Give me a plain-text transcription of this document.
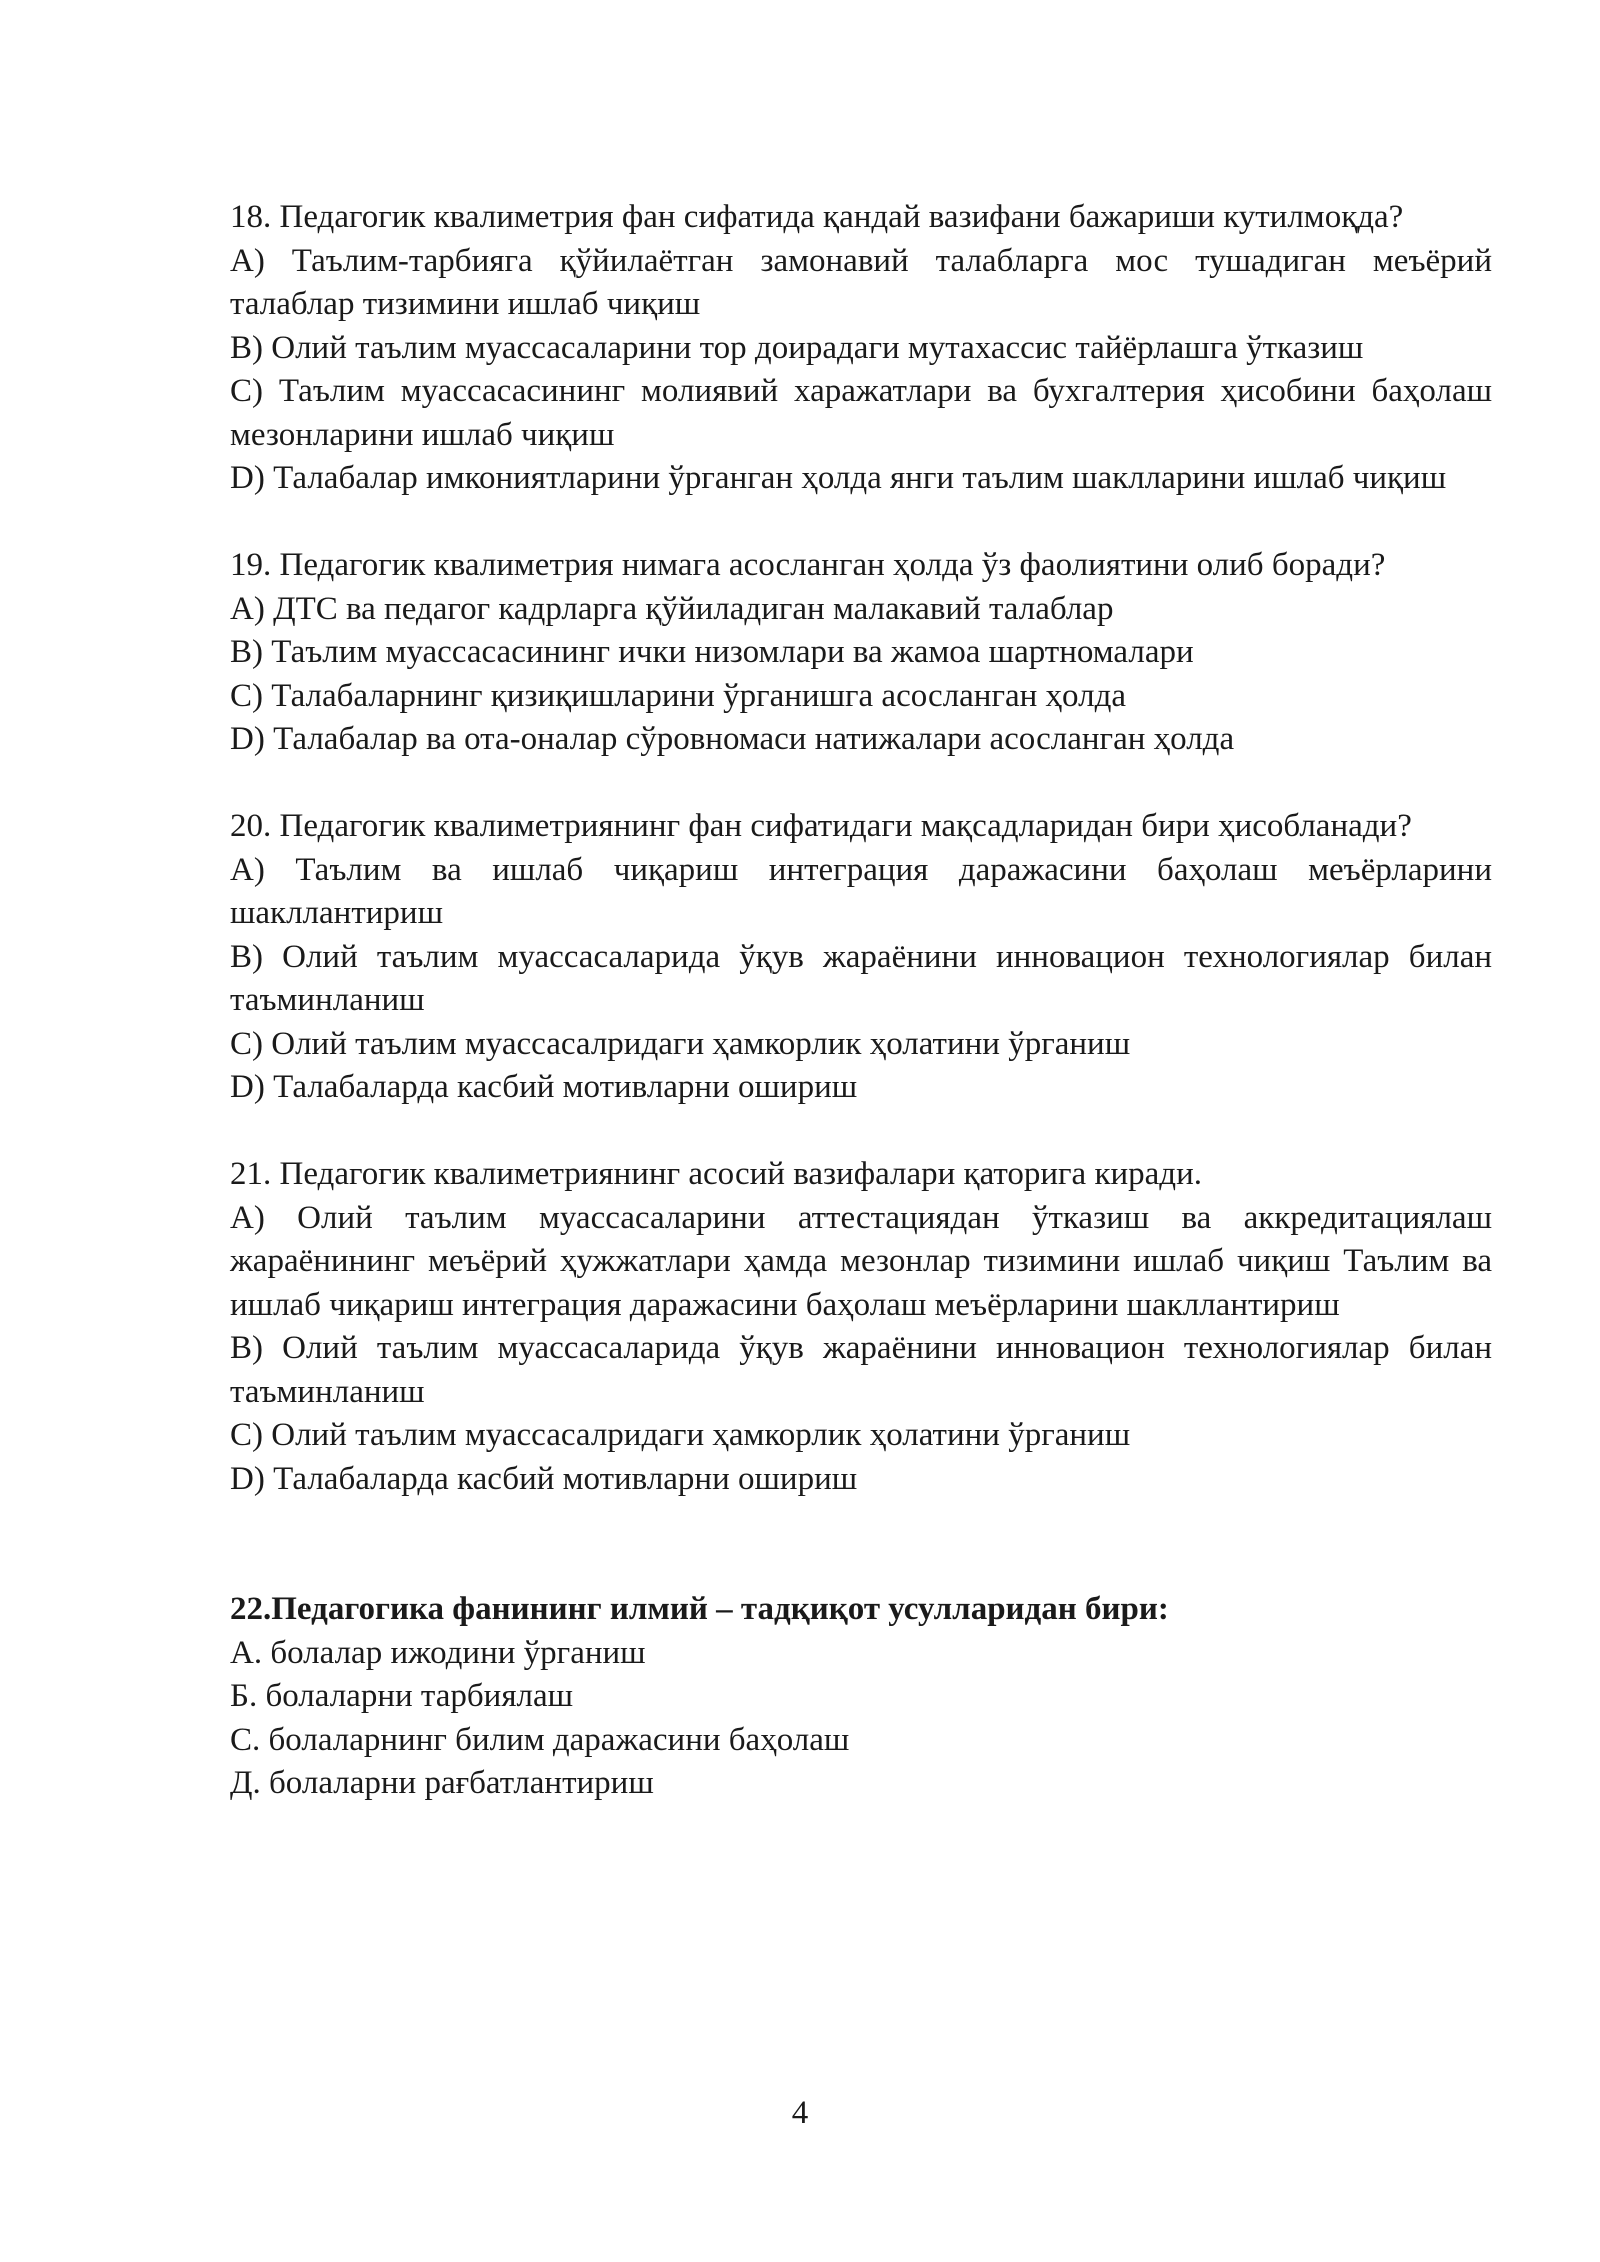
18. Педагогик квалиметрия фан сифатида қандай вазифани бажариши кутилмоқда?
A) Таълим-тарбияга қўйилаётган замонавий талабларга мос тушадиган меъёрий талаблар тизимини ишлаб чиқиш
B) Олий таълим муассасаларини тор доирадаги мутахассис тайёрлашга ўтказиш
C) Таълим муассасасининг молиявий харажатлари ва бухгалтерия ҳисобини баҳолаш мезонларини ишлаб чиқиш
D) Талабалар имкониятларини ўрганган ҳолда янги таълим шаклларини ишлаб чиқиш
19. Педагогик квалиметрия нимага асосланган ҳолда ўз фаолиятини олиб боради?
A) ДТС ва педагог кадрларга қўйиладиган малакавий талаблар
B) Таълим муассасасининг ички низомлари ва жамоа шартномалари
C) Талабаларнинг қизиқишларини ўрганишга асосланган ҳолда
D) Талабалар ва ота-оналар сўровномаси натижалари асосланган ҳолда
20. Педагогик квалиметриянинг фан сифатидаги мақсадларидан бири ҳисобланади?
A) Таълим ва ишлаб чиқариш интеграция даражасини баҳолаш меъёрларини шакллантириш
B) Олий таълим муассасаларида ўқув жараёнини инновацион технологиялар билан таъминланиш
C) Олий таълим муассасалридаги ҳамкорлик ҳолатини ўрганиш
D) Талабаларда касбий мотивларни ошириш
21. Педагогик квалиметриянинг асосий вазифалари қаторига киради.
A) Олий таълим муассасаларини аттестациядан ўтказиш ва аккредитациялаш жараёнининг меъёрий ҳужжатлари ҳамда мезонлар тизимини ишлаб чиқиш Таълим ва ишлаб чиқариш интеграция даражасини баҳолаш меъёрларини шакллантириш
B) Олий таълим муассасаларида ўқув жараёнини инновацион технологиялар билан таъминланиш
C) Олий таълим муассасалридаги ҳамкорлик ҳолатини ўрганиш
D) Талабаларда касбий мотивларни ошириш
22.Педагогика фанининг илмий – тадқиқот усулларидан бири:
А. болалар ижодини ўрганиш
Б. болаларни тарбиялаш
С. болаларнинг билим даражасини баҳолаш
Д. болаларни рағбатлантириш
4
